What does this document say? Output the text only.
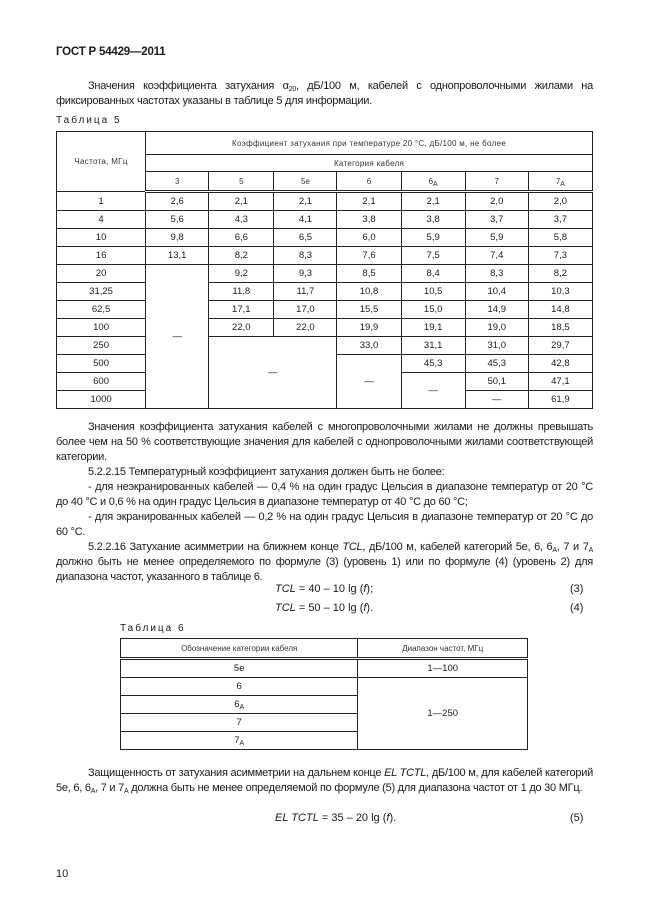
ГОСТ Р 54429—2011
Значения коэффициента затухания $\alpha_{20}$, дБ/100 м, кабелей с однопроволочными жилами на фиксированных частотах указаны в таблице 5 для информации.
Таблица 5
Частота, МГц	Коэффициент затухания при температуре 20 °С, дБ/100 м, не более						
	Категория кабеля						
	3	5	5е	6	$6_A$	7	$7_A$
1	2,6	2,1	2,1	2,1	2,1	2,0	2,0
4	5,6	4,3	4,1	3,8	3,8	3,7	3,7
10	9,8	6,6	6,5	6,0	5,9	5,9	5,8
16	13,1	8,2	8,3	7,6	7,5	7,4	7,3
20	—	9,2	9,3	8,5	8,4	8,3	8,2
31,25		11,8	11,7	10,8	10,5	10,4	10,3
62,5		17,1	17,0	15,5	15,0	14,9	14,8
100		22,0	22,0	19,9	19,1	19,0	18,5
250		—		33,0	31,1	31,0	29,7
500				—	45,3	45,3	42,8
600					—	50,1	47,1
1000						—	61,9
Значения коэффициента затухания кабелей с многопроволочными жилами не должны превышать более чем на 50 % соответствующие значения для кабелей с однопроволочными жилами соответствующей категории.
5.2.2.15 Температурный коэффициент затухания должен быть не более:
- для неэкранированных кабелей — 0,4 % на один градус Цельсия в диапазоне температур от 20 °С до 40 °С и 0,6 % на один градус Цельсия в диапазоне температур от 40 °С до 60 °С;
- для экранированных кабелей — 0,2 % на один градус Цельсия в диапазоне температур от 20 °С до 60 °С.
5.2.2.16 Затухание асимметрии на ближнем конце TCL, дБ/100 м, кабелей категорий 5е, 6, $6_A$, 7 и $7_A$ должно быть не менее определяемого по формуле (3) (уровень 1) или по формуле (4) (уровень 2) для диапазона частот, указанного в таблице 6.
TCL = 40 – 10 lg (f);	(3)
TCL = 50 – 10 lg (f).	(4)
Таблица 6
Обозначение категории кабеля	Диапазон частот, МГц
5е	1—100
6	1—250
$6_A$
7	
$7_A$
Защищенность от затухания асимметрии на дальнем конце EL TCTL, дБ/100 м, для кабелей категорий 5е, 6, $6_A$, 7 и $7_A$ должна быть не менее определяемой по формуле (5) для диапазона частот от 1 до 30 МГц.
EL TCTL = 35 – 20 lg (f).	(5)
10
